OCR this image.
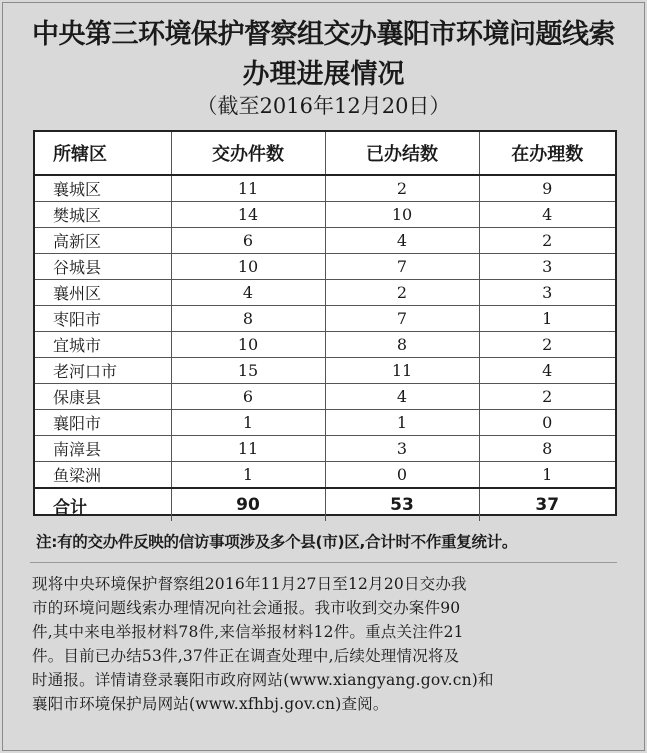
中央第三环境保护督察组交办襄阳市环境问题线索
办理进展情况
（截至2016年12月20日）
所辖区	交办件数	已办结数	在办理数
襄城区	11	2	9
樊城区	14	10	4
高新区	6	4	2
谷城县	10	7	3
襄州区	4	2	3
枣阳市	8	7	1
宜城市	10	8	2
老河口市	15	11	4
保康县	6	4	2
襄阳市	1	1	0
南漳县	11	3	8
鱼梁洲	1	0	1
合计	90	53	37
注:有的交办件反映的信访事项涉及多个县(市)区,合计时不作重复统计。
现将中央环境保护督察组2016年11月27日至12月20日交办我
市的环境问题线索办理情况向社会通报。我市收到交办案件90
件,其中来电举报材料78件,来信举报材料12件。重点关注件21
件。目前已办结53件,37件正在调查处理中,后续处理情况将及
时通报。详情请登录襄阳市政府网站(www.xiangyang.gov.cn)和
襄阳市环境保护局网站(www.xfhbj.gov.cn)查阅。
